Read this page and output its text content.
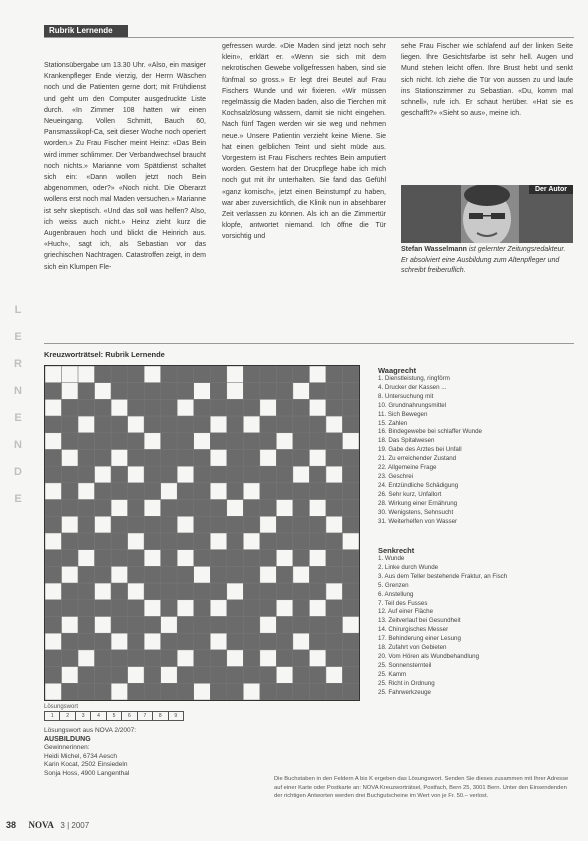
Rubrik Lernende

Stationsübergabe um 13.30 Uhr. «Also, ein masiger Krankenpfleger Ende vierzig, der Herrn Wäschen noch und die Patienten gerne dort; mit Frühdienst und geht um den Computer ausgedruckte Liste durch. «In Zimmer 108 hatten wir einen Neueingang. Vollen Schmitt, Bauch 60, Pansmassikopf-Ca, seit dieser Woche noch operiert worden.» Zu Frau Fischer meint Heinz: «Das Bein wird immer schlimmer. Der Verbandwechsel braucht noch nichts.» Marianne vom Spätdienst schaltet sich ein: «Dann wollen jetzt noch Bein abgenommen, oder?» «Noch nicht. Die Oberarzt wollens erst noch mal Maden versuchen.» Marianne ist sehr skeptisch. «Und das soll was helfen? Also, ich weiss auch nicht.» Heinz zieht kurz die Augenbrauen hoch und blickt die Heinrich aus. «Huch», sagt ich, als Sebastian vor das griechischen Nachtragen. Catastroffen zeigt, in dem sich ein Klumpen Fle-

gefressen wurde. «Die Maden sind jetzt noch sehr klein», erklärt er. «Wenn sie sich mit dem nekrotischen Gewebe vollgefressen haben, sind sie fünfmal so gross.» Er legt drei Beutel auf Frau Fischers Wunde und wir fixieren. «Wir müssen regelmässig die Maden baden, also die Tierchen mit Kochsalzlösung wässern, damit sie nicht eingehen. Nach fünf Tagen werden wir sie weg und nehmen neue.» Unsere Patientin verzieht keine Miene. Sie hat einen gelblichen Teint und sieht müde aus. Vorgestern ist Frau Fischers rechtes Bein amputiert worden. Gestern hat der Drucpflege habe ich mich noch gut mit ihr unterhalten. Sie fand das Gefühl «ganz komisch», jetzt einen Beinstumpf zu haben, war aber zuversichtlich, die Klinik nun in absehbarer Zeit verlassen zu können. Als ich an die Zimmertür klopfe, antwortet niemand. Ich öffne die Tür vorsichtig und

sehe Frau Fischer wie schlafend auf der linken Seite liegen. Ihre Gesichtsfarbe ist sehr hell. Augen und Mund stehen leicht offen. Ihre Brust hebt und senkt sich nicht. Ich ziehe die Tür von aussen zu und laufe ins Stationszimmer zu Sebastian. «Du, komm mal schnell», rufe ich. Er schaut herüber. «Hat sie es geschafft?» «Sieht so aus», meine ich.

Der Autor

Stefan Wasselmann ist gelernter Zeitungsredakteur. Er absolviert eine Ausbildung zum Altenpfleger und schreibt freiberuflich.

L
E
R
N
E
N
D
E
Kreuzworträtsel: Rubrik Lernende
Waagrecht
1. Dienstleistung, ringförm
4. Drucker der Kassen ...
8. Untersuchung mit
10. Grundnahrungsmittel
11. Sich Bewegen
15. Zahlen
16. Bindegewebe bei schlaffer Wunde
18. Das Spitalwesen
19. Gabe des Arztes bei Unfall
21. Zu erreichender Zustand
22. Allgemeine Frage
23. Geschrei
24. Entzündliche Schädigung
26. Sehr kurz, Unfallort
28. Wirkung einer Ernährung
30. Wenigstens, Sehnsucht
31. Weiterhelfen von Wasser
Senkrecht
1. Wunde
2. Linke durch Wunde
3. Aus dem Teller bestehende Fraktur, an Fisch
5. Grenzen
6. Anstellung
7. Teil des Fusses
12. Auf einer Fläche
13. Zeitverlauf bei Gesundheit
14. Chirurgisches Messer
17. Behinderung einer Lesung
18. Zufahrt von Gebieten
20. Vom Hören als Wundbehandlung
25. Sonnensternteil
25. Kamm
25. Richt in Ordnung
25. Fahrwerkzeuge
Lösungswort
1	2	3	4	5	6	7	8	9
Lösungswort aus NOVA 2/2007:
AUSBILDUNG
Gewinnerinnen:
Heidi Michel, 6734 Aesch
Karin Kocat, 2502 Einsiedeln
Sonja Hoss, 4900 Langenthal
Die Buchstaben in den Feldern A bis K ergeben das Lösungswort. Senden Sie dieses zusammen mit Ihrer Adresse auf einer Karte oder Postkarte an: NOVA Kreuzworträtsel, Postfach, Bern 25, 3001 Bern. Unter den Einsendenden der richtigen Antworten werden drei Buchgutscheine im Wert von je Fr. 50.– verlost.
38 NOVA 3 | 2007
